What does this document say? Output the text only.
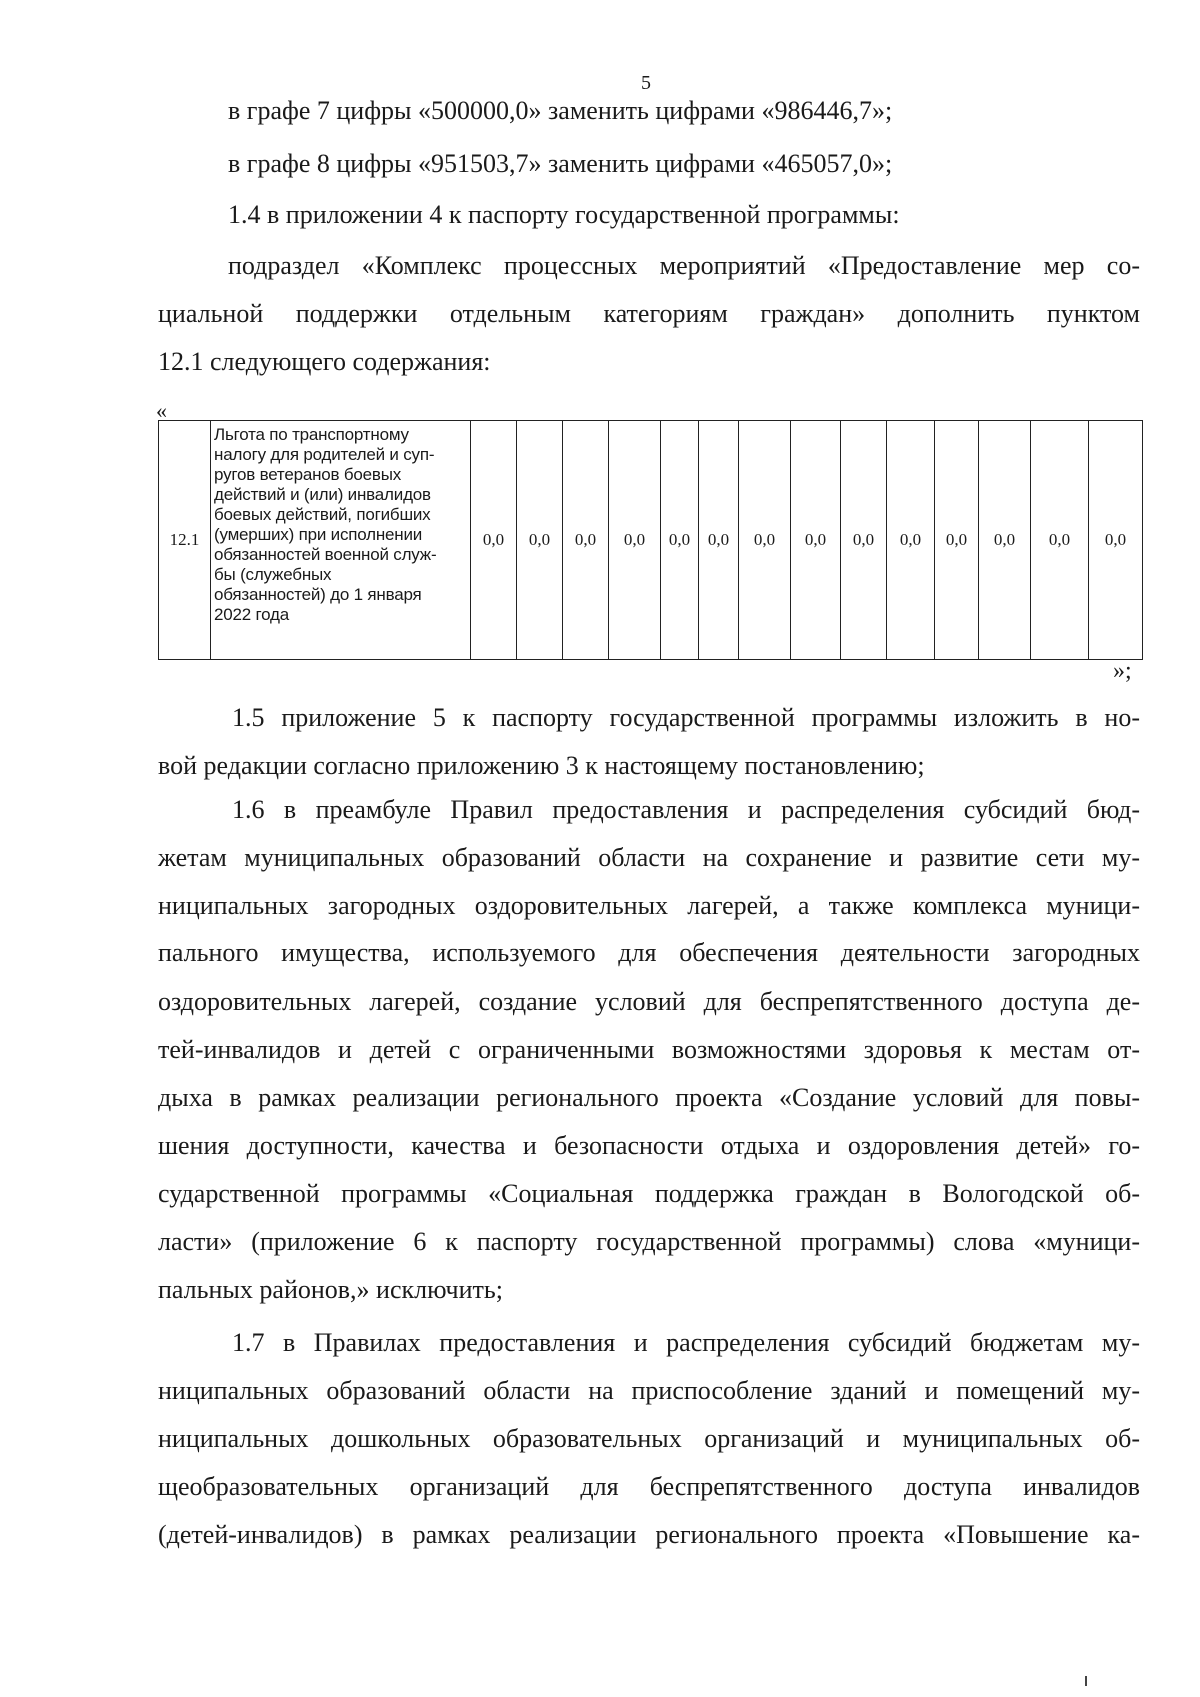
5
в графе 7 цифры «500000,0» заменить цифрами «986446,7»;
в графе 8 цифры «951503,7» заменить цифрами «465057,0»;
1.4 в приложении 4 к паспорту государственной программы:
подраздел «Комплекс процессных мероприятий «Предоставление мер со-
циальной поддержки отдельным категориям граждан» дополнить пунктом
12.1 следующего содержания:
«
12.1	Льгота по транспортному
налогу для родителей и суп-
ругов ветеранов боевых
действий и (или) инвалидов
боевых действий, погибших
(умерших) при исполнении
обязанностей военной служ-
бы (служебных
обязанностей) до 1 января
2022 года	0,0	0,0	0,0	0,0	0,0	0,0	0,0	0,0	0,0	0,0	0,0	0,0	0,0	0,0
»;
1.5 приложение 5 к паспорту государственной программы изложить в но-
вой редакции согласно приложению 3 к настоящему постановлению;
1.6 в преамбуле Правил предоставления и распределения субсидий бюд-
жетам муниципальных образований области на сохранение и развитие сети му-
ниципальных загородных оздоровительных лагерей, а также комплекса муници-
пального имущества, используемого для обеспечения деятельности загородных
оздоровительных лагерей, создание условий для беспрепятственного доступа де-
тей-инвалидов и детей с ограниченными возможностями здоровья к местам от-
дыха в рамках реализации регионального проекта «Создание условий для повы-
шения доступности, качества и безопасности отдыха и оздоровления детей» го-
сударственной программы «Социальная поддержка граждан в Вологодской об-
ласти» (приложение 6 к паспорту государственной программы) слова «муници-
пальных районов,» исключить;
1.7 в Правилах предоставления и распределения субсидий бюджетам му-
ниципальных образований области на приспособление зданий и помещений му-
ниципальных дошкольных образовательных организаций и муниципальных об-
щеобразовательных организаций для беспрепятственного доступа инвалидов
(детей-инвалидов) в рамках реализации регионального проекта «Повышение ка-
